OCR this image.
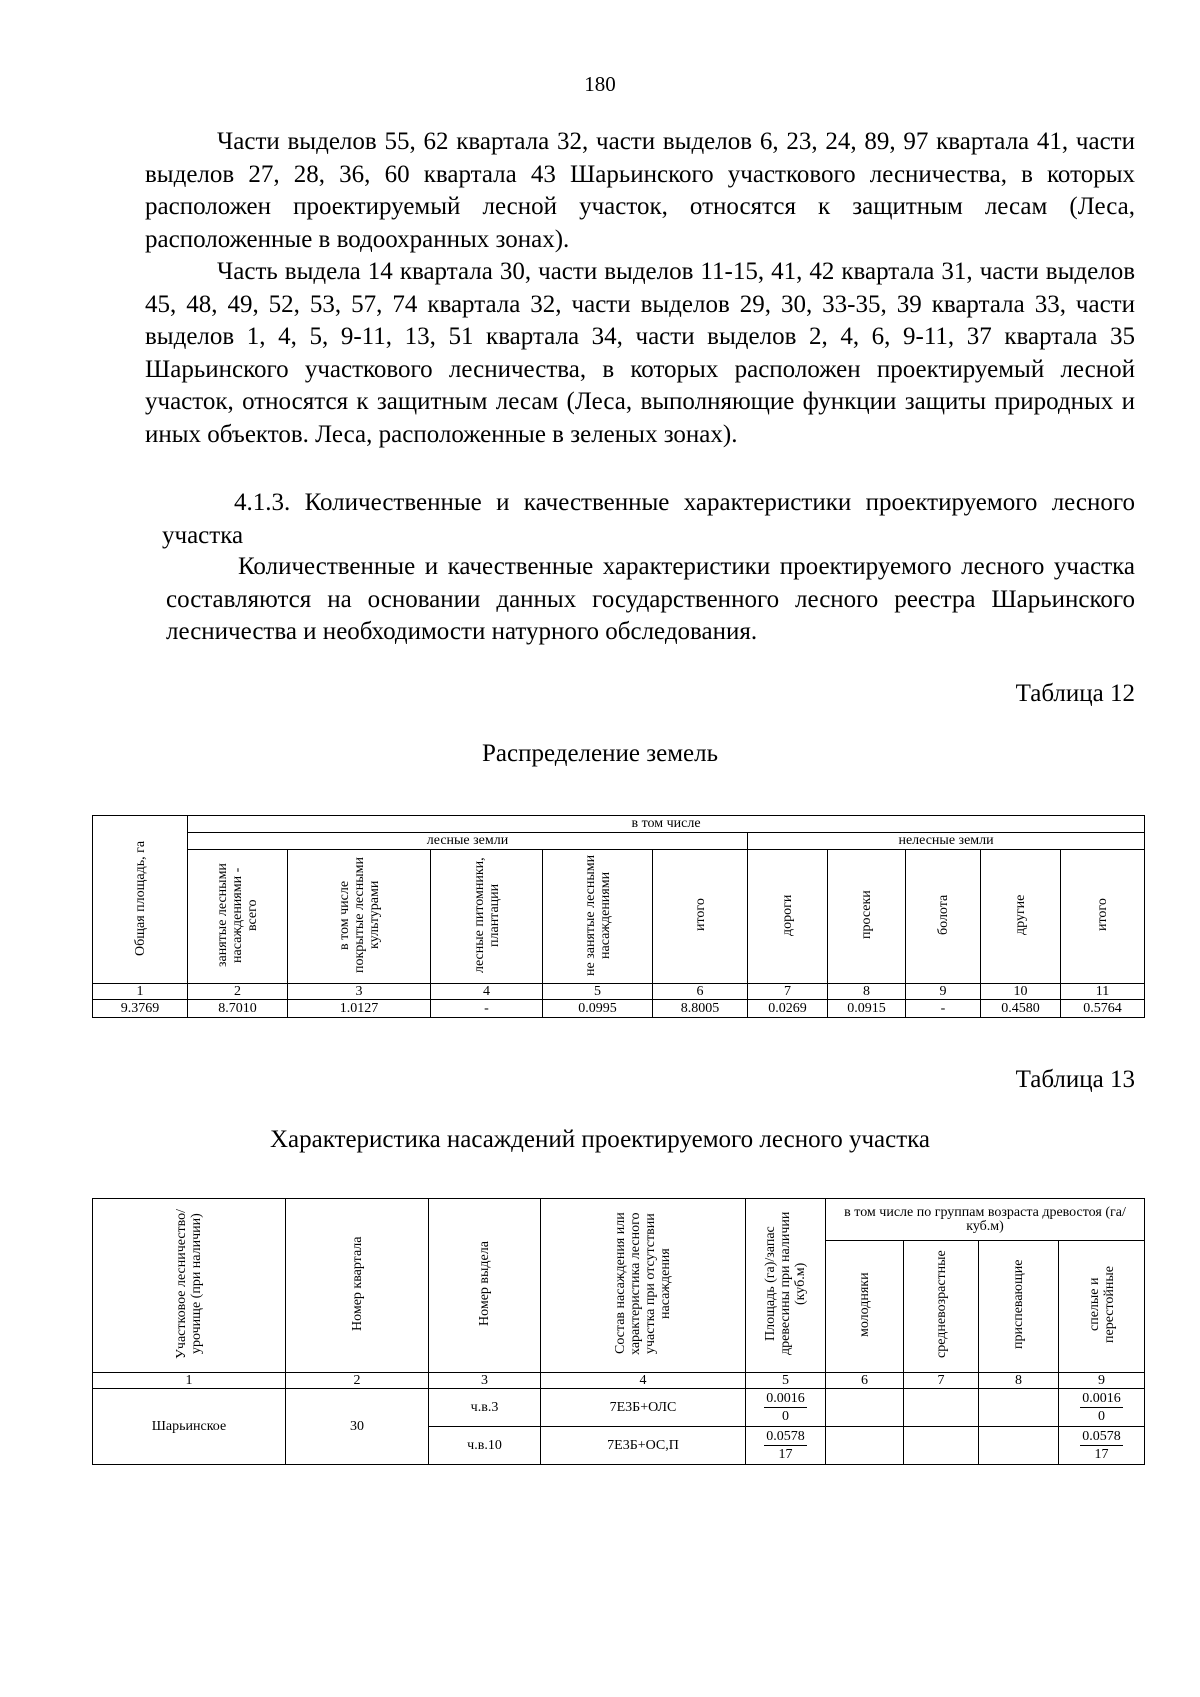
180

Части выделов 55, 62 квартала 32, части выделов 6, 23, 24, 89, 97 квартала 41, части выделов 27, 28, 36, 60 квартала 43 Шарьинского участкового лесничества, в которых расположен проектируемый лесной участок, относятся к защитным лесам (Леса, расположенные в водоохранных зонах).

Часть выдела 14 квартала 30, части выделов 11-15, 41, 42 квартала 31, части выделов 45, 48, 49, 52, 53, 57, 74 квартала 32, части выделов 29, 30, 33-35, 39 квартала 33, части выделов 1, 4, 5, 9-11, 13, 51 квартала 34, части выделов 2, 4, 6, 9-11, 37 квартала 35 Шарьинского участкового лесничества, в которых расположен проектируемый лесной участок, относятся к защитным лесам (Леса, выполняющие функции защиты природных и иных объектов. Леса, расположенные в зеленых зонах).

4.1.3. Количественные и качественные характеристики проектируемого лесного участка

Количественные и качественные характеристики проектируемого лесного участка составляются на основании данных государственного лесного реестра Шарьинского лесничества и необходимости натурного обследования.

Таблица 12
Распределение земель
Общая площадь, га	в том числе									
	лесные земли					нелесные земли				
	занятые лесными насаждениями - всего	в том числе покрытые лесными культурами	лесные питомники, плантации	не занятые лесными насаждениями	итого	дороги	просеки	болота	другие	итого
1	2	3	4	5	6	7	8	9	10	11
9.3769	8.7010	1.0127	-	0.0995	8.8005	0.0269	0.0915	-	0.4580	0.5764
Таблица 13
Характеристика насаждений проектируемого лесного участка
Участковое лесничество/урочище (при наличии)	Номер квартала	Номер выдела	Состав насаждения или характеристика лесного участка при отсутствии насаждения	Площадь (га)/запас древесины при наличии (куб.м)	в том числе по группам возраста древостоя (га/куб.м)			
					молодняки	средневозрастные	приспевающие	спелые и перестойные
1	2	3	4	5	6	7	8	9
Шарьинское	30	ч.в.3	7Е3Б+ОЛС	$\frac{0.0016}{0}$				$\frac{0.0016}{0}$

		ч.в.10	7Е3Б+ОС,П	$\frac{0.0578}{17}$				$\frac{0.0578}{17}$
